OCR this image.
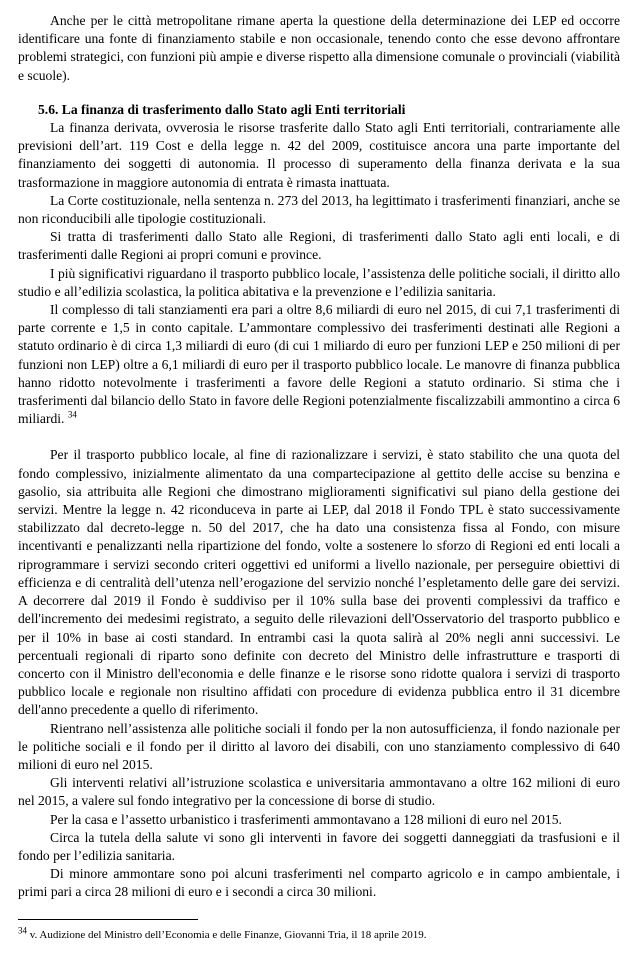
Anche per le città metropolitane rimane aperta la questione della determinazione dei LEP ed occorre identificare una fonte di finanziamento stabile e non occasionale, tenendo conto che esse devono affrontare problemi strategici, con funzioni più ampie e diverse rispetto alla dimensione comunale o provinciali (viabilità e scuole).

5.6. La finanza di trasferimento dallo Stato agli Enti territoriali

La finanza derivata, ovverosia le risorse trasferite dallo Stato agli Enti territoriali, contrariamente alle previsioni dell’art. 119 Cost e della legge n. 42 del 2009, costituisce ancora una parte importante del finanziamento dei soggetti di autonomia. Il processo di superamento della finanza derivata e la sua trasformazione in maggiore autonomia di entrata è rimasta inattuata.

La Corte costituzionale, nella sentenza n. 273 del 2013, ha legittimato i trasferimenti finanziari, anche se non riconducibili alle tipologie costituzionali.

Si tratta di trasferimenti dallo Stato alle Regioni, di trasferimenti dallo Stato agli enti locali, e di trasferimenti dalle Regioni ai propri comuni e province.

I più significativi riguardano il trasporto pubblico locale, l’assistenza delle politiche sociali, il diritto allo studio e all’edilizia scolastica, la politica abitativa e la prevenzione e l’edilizia sanitaria.

Il complesso di tali stanziamenti era pari a oltre 8,6 miliardi di euro nel 2015, di cui 7,1 trasferimenti di parte corrente e 1,5 in conto capitale. L’ammontare complessivo dei trasferimenti destinati alle Regioni a statuto ordinario è di circa 1,3 miliardi di euro (di cui 1 miliardo di euro per funzioni LEP e 250 milioni di per funzioni non LEP) oltre a 6,1 miliardi di euro per il trasporto pubblico locale. Le manovre di finanza pubblica hanno ridotto notevolmente i trasferimenti a favore delle Regioni a statuto ordinario. Si stima che i trasferimenti dal bilancio dello Stato in favore delle Regioni potenzialmente fiscalizzabili ammontino a circa 6 miliardi. $^{34}$

Per il trasporto pubblico locale, al fine di razionalizzare i servizi, è stato stabilito che una quota del fondo complessivo, inizialmente alimentato da una compartecipazione al gettito delle accise su benzina e gasolio, sia attribuita alle Regioni che dimostrano miglioramenti significativi sul piano della gestione dei servizi. Mentre la legge n. 42 riconduceva in parte ai LEP, dal 2018 il Fondo TPL è stato successivamente stabilizzato dal decreto-legge n. 50 del 2017, che ha dato una consistenza fissa al Fondo, con misure incentivanti e penalizzanti nella ripartizione del fondo, volte a sostenere lo sforzo di Regioni ed enti locali a riprogrammare i servizi secondo criteri oggettivi ed uniformi a livello nazionale, per perseguire obiettivi di efficienza e di centralità dell’utenza nell’erogazione del servizio nonché l’espletamento delle gare dei servizi. A decorrere dal 2019 il Fondo è suddiviso per il 10% sulla base dei proventi complessivi da traffico e dell'incremento dei medesimi registrato, a seguito delle rilevazioni dell'Osservatorio del trasporto pubblico e per il 10% in base ai costi standard. In entrambi casi la quota salirà al 20% negli anni successivi. Le percentuali regionali di riparto sono definite con decreto del Ministro delle infrastrutture e trasporti di concerto con il Ministro dell'economia e delle finanze e le risorse sono ridotte qualora i servizi di trasporto pubblico locale e regionale non risultino affidati con procedure di evidenza pubblica entro il 31 dicembre dell'anno precedente a quello di riferimento.

Rientrano nell’assistenza alle politiche sociali il fondo per la non autosufficienza, il fondo nazionale per le politiche sociali e il fondo per il diritto al lavoro dei disabili, con uno stanziamento complessivo di 640 milioni di euro nel 2015.

Gli interventi relativi all’istruzione scolastica e universitaria ammontavano a oltre 162 milioni di euro nel 2015, a valere sul fondo integrativo per la concessione di borse di studio.

Per la casa e l’assetto urbanistico i trasferimenti ammontavano a 128 milioni di euro nel 2015.

Circa la tutela della salute vi sono gli interventi in favore dei soggetti danneggiati da trasfusioni e il fondo per l’edilizia sanitaria.

Di minore ammontare sono poi alcuni trasferimenti nel comparto agricolo e in campo ambientale, i primi pari a circa 28 milioni di euro e i secondi a circa 30 milioni.

$^{34}$ v. Audizione del Ministro dell’Economia e delle Finanze, Giovanni Tria, il 18 aprile 2019.
